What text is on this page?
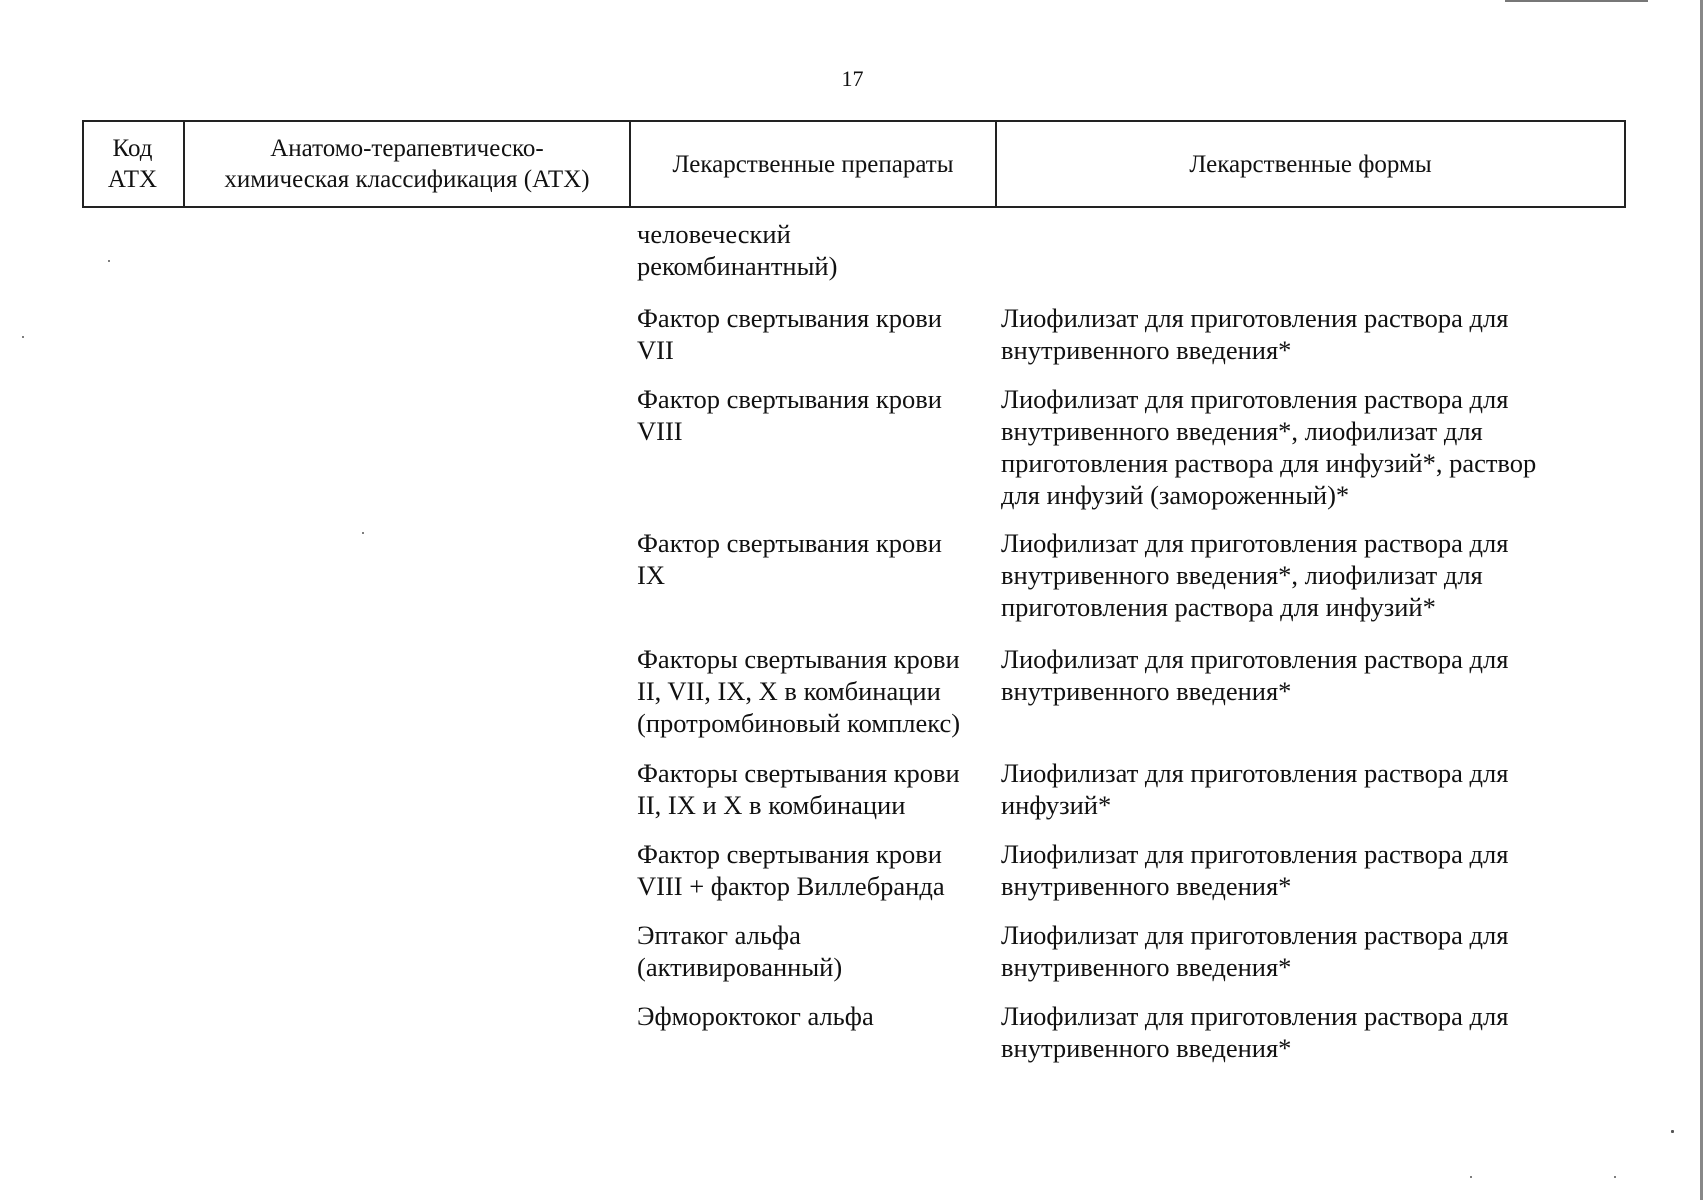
17
Код
АТХ
Анатомо-терапевтическо-
химическая классификация (АТХ)
Лекарственные препараты	Лекарственные формы
человеческий
рекомбинантный)
Фактор свертывания крови
VII
Лиофилизат для приготовления раствора для
внутривенного введения*
Фактор свертывания крови
VIII
Лиофилизат для приготовления раствора для
внутривенного введения*, лиофилизат для
приготовления раствора для инфузий*, раствор
для инфузий (замороженный)*
Фактор свертывания крови
IX
Лиофилизат для приготовления раствора для
внутривенного введения*, лиофилизат для
приготовления раствора для инфузий*
Факторы свертывания крови
II, VII, IX, X в комбинации
(протромбиновый комплекс)
Лиофилизат для приготовления раствора для
внутривенного введения*
Факторы свертывания крови
II, IX и X в комбинации
Лиофилизат для приготовления раствора для
инфузий*
Фактор свертывания крови
VIII + фактор Виллебранда
Лиофилизат для приготовления раствора для
внутривенного введения*
Эптаког альфа
(активированный)
Лиофилизат для приготовления раствора для
внутривенного введения*
Эфмороктоког альфа	Лиофилизат для приготовления раствора для
внутривенного введения*
